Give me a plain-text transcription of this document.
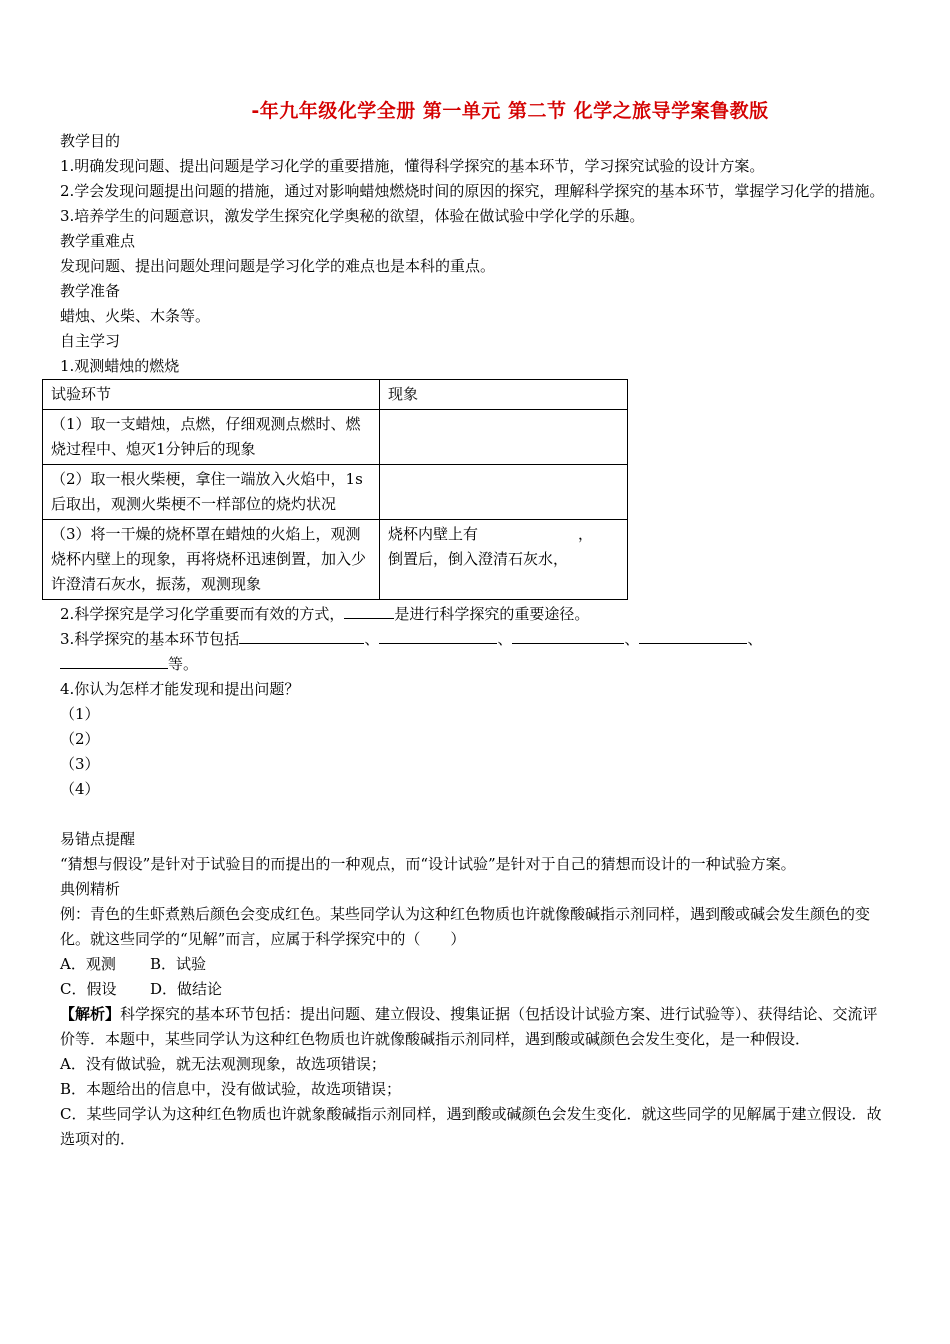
-年九年级化学全册 第一单元 第二节 化学之旅导学案鲁教版

教学目的

1.明确发现问题、提出问题是学习化学的重要措施，懂得科学探究的基本环节，学习探究试验的设计方案。

2.学会发现问题提出问题的措施，通过对影响蜡烛燃烧时间的原因的探究，理解科学探究的基本环节，掌握学习化学的措施。

3.培养学生的问题意识，激发学生探究化学奥秘的欲望，体验在做试验中学化学的乐趣。

教学重难点

发现问题、提出问题处理问题是学习化学的难点也是本科的重点。

教学准备

蜡烛、火柴、木条等。

自主学习

1.观测蜡烛的燃烧

试验环节	现象
（1）取一支蜡烛，点燃，仔细观测点燃时、燃烧过程中、熄灭1分钟后的现象	
（2）取一根火柴梗，拿住一端放入火焰中，1s后取出，观测火柴梗不一样部位的烧灼状况	
（3）将一干燥的烧杯罩在蜡烛的火焰上，观测烧杯内壁上的现象，再将烧杯迅速倒置，加入少许澄清石灰水，振荡，观测现象	烧杯内壁上有 ，
倒置后，倒入澄清石灰水，

2.科学探究是学习化学重要而有效的方式，	是进行科学探究的重要途径。

3.科学探究的基本环节包括	、	、	、	、

等。

4.你认为怎样才能发现和提出问题？

（1）

（2）

（3）

（4）

易错点提醒

“猜想与假设”是针对于试验目的而提出的一种观点，而“设计试验”是针对于自己的猜想而设计的一种试验方案。

典例精析

例：青色的生虾煮熟后颜色会变成红色。某些同学认为这种红色物质也许就像酸碱指示剂同样，遇到酸或碱会发生颜色的变化。就这些同学的“见解”而言，应属于科学探究中的（　　）

A．观测 B．试验

C．假设 D．做结论

【解析】科学探究的基本环节包括：提出问题、建立假设、搜集证据（包括设计试验方案、进行试验等）、获得结论、交流评价等．本题中，某些同学认为这种红色物质也许就像酸碱指示剂同样，遇到酸或碱颜色会发生变化，是一种假设．

A．没有做试验，就无法观测现象，故选项错误；

B．本题给出的信息中，没有做试验，故选项错误；

C．某些同学认为这种红色物质也许就象酸碱指示剂同样，遇到酸或碱颜色会发生变化．就这些同学的见解属于建立假设．故选项对的．
